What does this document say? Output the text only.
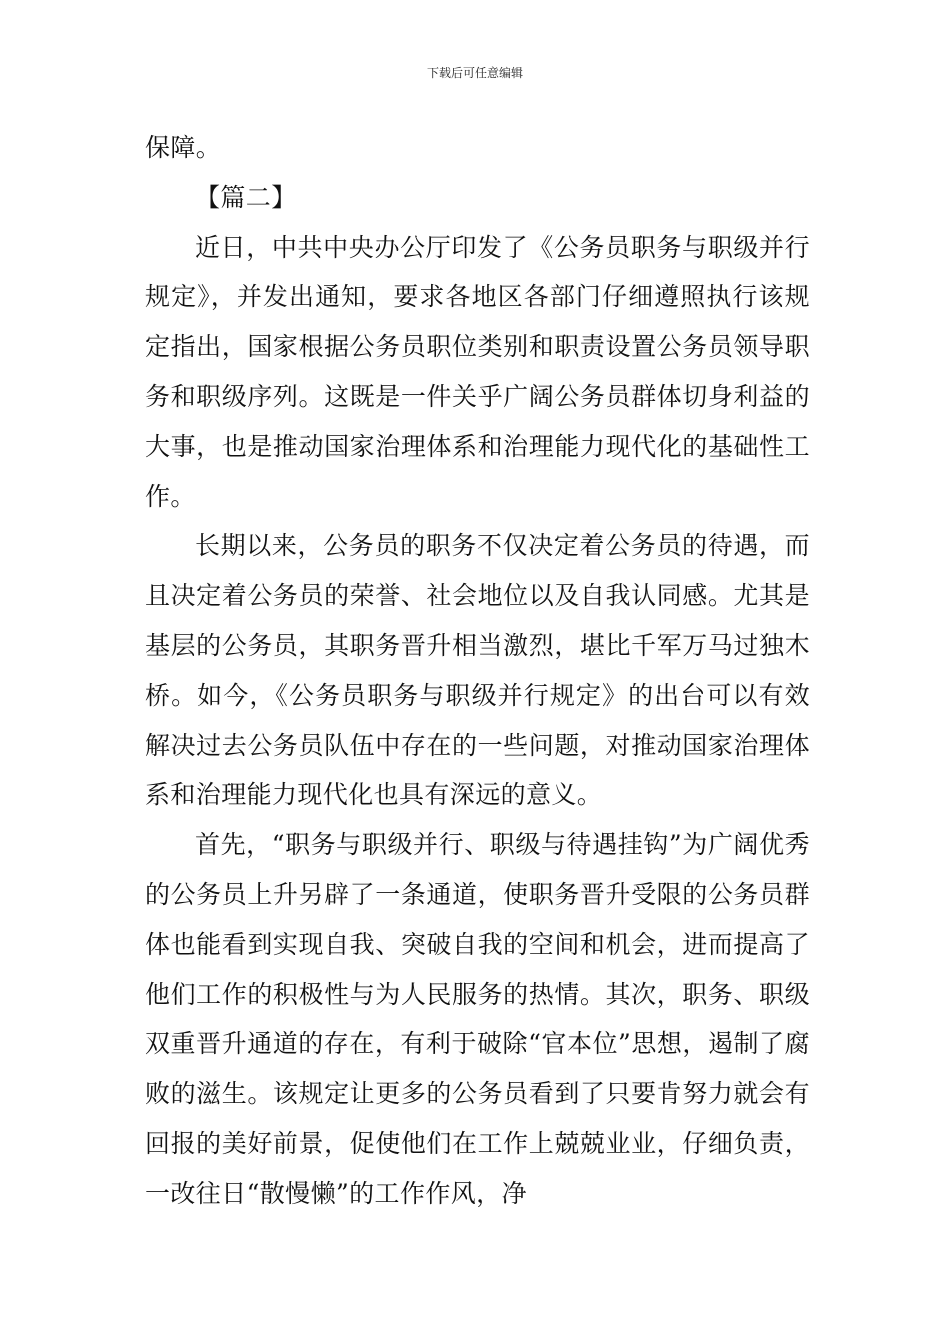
下载后可任意编辑

保障。

【篇二】

近日，中共中央办公厅印发了《公务员职务与职级并行规定》，并发出通知，要求各地区各部门仔细遵照执行该规定指出，国家根据公务员职位类别和职责设置公务员领导职务和职级序列。这既是一件关乎广阔公务员群体切身利益的大事，也是推动国家治理体系和治理能力现代化的基础性工作。

长期以来，公务员的职务不仅决定着公务员的待遇，而且决定着公务员的荣誉、社会地位以及自我认同感。尤其是基层的公务员，其职务晋升相当激烈，堪比千军万马过独木桥。如今，《公务员职务与职级并行规定》的出台可以有效解决过去公务员队伍中存在的一些问题，对推动国家治理体系和治理能力现代化也具有深远的意义。

首先，“职务与职级并行、职级与待遇挂钩”为广阔优秀的公务员上升另辟了一条通道，使职务晋升受限的公务员群体也能看到实现自我、突破自我的空间和机会，进而提高了他们工作的积极性与为人民服务的热情。其次，职务、职级双重晋升通道的存在，有利于破除“官本位”思想，遏制了腐败的滋生。该规定让更多的公务员看到了只要肯努力就会有回报的美好前景，促使他们在工作上兢兢业业，仔细负责，一改往日“散慢懒”的工作作风，净
